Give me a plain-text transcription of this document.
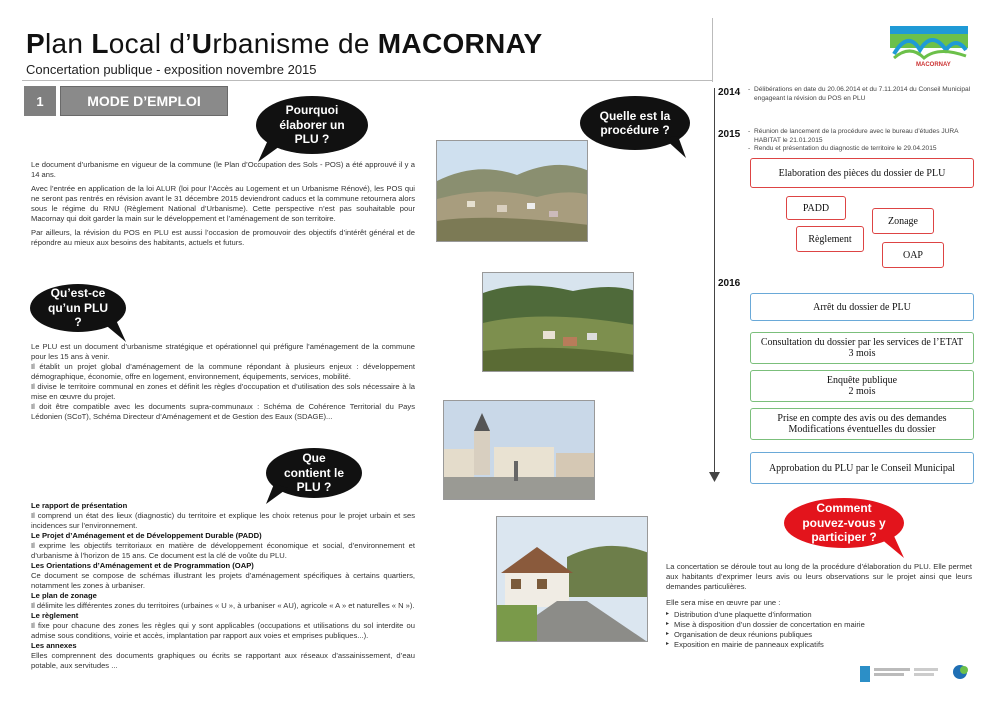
Plan Local d’Urbanisme de MACORNAY
Concertation publique - exposition novembre 2015	MACORNAY
1	MODE D’EMPLOI
Pourquoi élaborer un PLU ?

Le document d’urbanisme en vigueur de la commune (le Plan d’Occupation des Sols - POS) a été approuvé il y a 14 ans.

Avec l’entrée en application de la loi ALUR (loi pour l’Accès au Logement et un Urbanisme Rénové), les POS qui ne seront pas rentrés en révision avant le 31 décembre 2015 deviendront caducs et la commune retournera alors sous le régime du RNU (Règlement National d’Urbanisme). Cette perspective n’est pas souhaitable pour Macornay qui doit garder la main sur le développement et l’aménagement de son territoire.

Par ailleurs, la révision du POS en PLU est aussi l’occasion de promouvoir des objectifs d’intérêt général et de répondre au mieux aux besoins des habitants, actuels et futurs.

Qu’est-ce qu’un PLU ?
Le PLU est un document d’urbanisme stratégique et opérationnel qui préfigure l’aménagement de la commune pour les 15 ans à venir.
Il établit un projet global d’aménagement de la commune répondant à plusieurs enjeux : développement démographique, économie, offre en logement, environnement, équipements, services, mobilité.
Il divise le territoire communal en zones et définit les règles d’occupation et d’utilisation des sols nécessaire à la mise en œuvre du projet.
Il doit être compatible avec les documents supra-communaux : Schéma de Cohérence Territorial du Pays Lédonien (SCoT), Schéma Directeur d’Aménagement et de Gestion des Eaux (SDAGE)...
Que contient le PLU ?
Le rapport de présentation
Il comprend un état des lieux (diagnostic) du territoire et explique les choix retenus pour le projet urbain et ses incidences sur l’environnement.
Le Projet d’Aménagement et de Développement Durable (PADD)
Il exprime les objectifs territoriaux en matière de développement économique et social, d’environnement et d’urbanisme à l’horizon de 15 ans. Ce document est la clé de voûte du PLU.
Les Orientations d’Aménagement et de Programmation (OAP)
Ce document se compose de schémas illustrant les projets d’aménagement spécifiques à certains quartiers, notamment les zones à urbaniser.
Le plan de zonage
Il délimite les différentes zones du territoires (urbaines « U », à urbaniser « AU), agricole « A » et naturelles « N »).
Le règlement
Il fixe pour chacune des zones les règles qui y sont applicables (occupations et utilisations du sol interdite ou admise sous conditions, voirie et accès, implantation par rapport aux voies et emprises publiques...).
Les annexes
Elles comprennent des documents graphiques ou écrits se rapportant aux réseaux d’assainissement, d’eau potable, aux servitudes ...
Quelle est la procédure ?
2014	- Délibérations en date du 20.06.2014 et du 7.11.2014 du Conseil Municipal engageant la révision du POS en PLU
2015	- Réunion de lancement de la procédure avec le bureau d’études JURA HABITAT le 21.01.2015
- Rendu et présentation du diagnostic de territoire le 29.04.2015
2016
Elaboration des pièces du dossier de PLU
PADD
Zonage
Règlement
OAP
Arrêt du dossier de PLU
Consultation du dossier par les services de l’ETAT
3 mois
Enquête publique
2 mois
Prise en compte des avis ou des demandes
Modifications éventuelles du dossier
Approbation du PLU par le Conseil Municipal
Comment pouvez-vous y participer ?

La concertation se déroule tout au long de la procédure d’élaboration du PLU. Elle permet aux habitants d’exprimer leurs avis ou leurs observations sur le projet ainsi que leurs demandes particulières.

Elle sera mise en œuvre par une :

▸ Distribution d’une plaquette d’information
▸ Mise à disposition d’un dossier de concertation en mairie
▸ Organisation de deux réunions publiques
▸ Exposition en mairie de panneaux explicatifs
